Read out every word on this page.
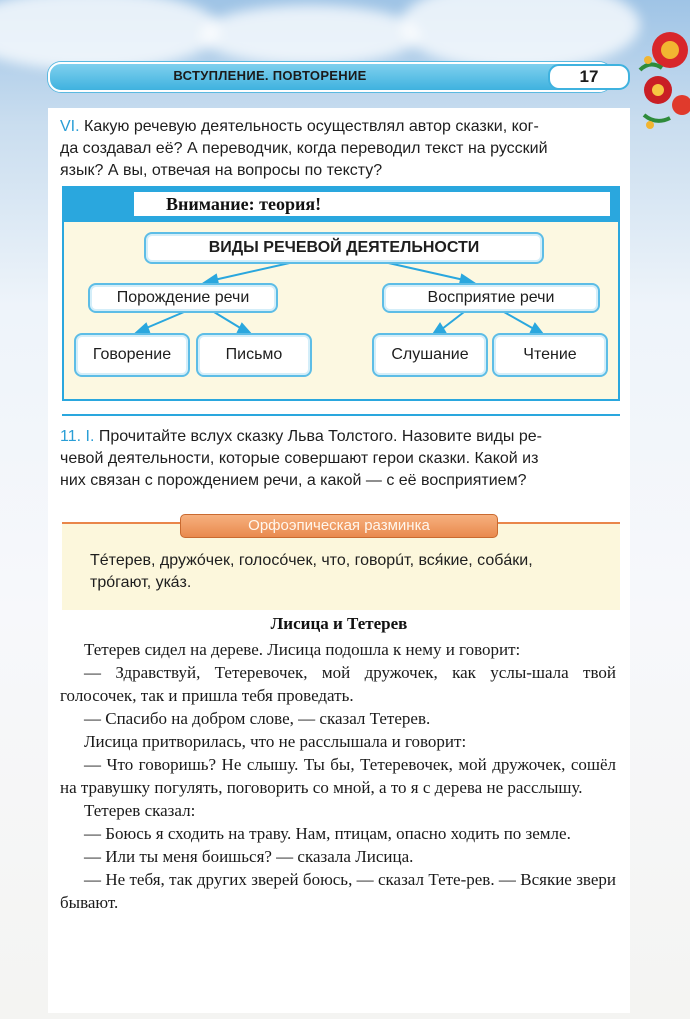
ВСТУПЛЕНИЕ. ПОВТОРЕНИЕ	17
VI. Какую речевую деятельность осуществлял автор сказки, ког-
да создавал её? А переводчик, когда переводил текст на русский
язык? А вы, отвечая на вопросы по тексту?
Внимание: теория!
ВИДЫ РЕЧЕВОЙ ДЕЯТЕЛЬНОСТИ
Порождение речи	Восприятие речи
Говорение	Письмо	Слушание	Чтение
11. I. Прочитайте вслух сказку Льва Толстого. Назовите виды ре-
чевой деятельности, которые совершают герои сказки. Какой из
них связан с порождением речи, а какой — с её восприятием?
Орфоэпическая разминка
Тéтерев, дружóчек, голосóчек, что, говорúт, вся́кие, собáки,
трóгают, укáз.
Лисица и Тетерев

Тетерев сидел на дереве. Лисица подошла к нему и говорит:

— Здравствуй, Тетеревочек, мой дружочек, как услы-шала твой голосочек, так и пришла тебя проведать.

— Спасибо на добром слове, — сказал Тетерев.

Лисица притворилась, что не расслышала и говорит:

— Что говоришь? Не слышу. Ты бы, Тетеревочек, мой дружочек, сошёл на травушку погулять, поговорить со мной, а то я с дерева не расслышу.

Тетерев сказал:

— Боюсь я сходить на траву. Нам, птицам, опасно ходить по земле.

— Или ты меня боишься? — сказала Лисица.

— Не тебя, так других зверей боюсь, — сказал Тете-рев. — Всякие звери бывают.
